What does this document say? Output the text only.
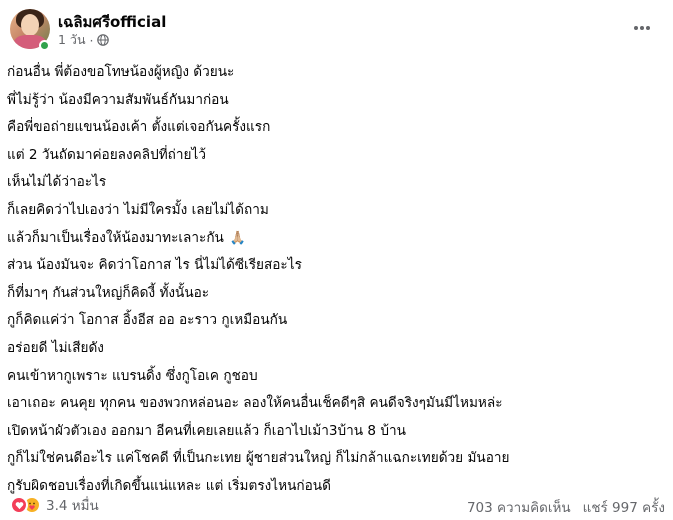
เฉลิมศรีofficial
1 วัน ·
ก่อนอื่น พี่ต้องขอโทษน้องผู้หญิง ด้วยนะ
พี่ไม่รู้ว่า น้องมีความสัมพันธ์กันมาก่อน
คือพี่ขอถ่ายแขนน้องเค้า ตั้งแต่เจอกันครั้งแรก
แต่ 2 วันถัดมาค่อยลงคลิปที่ถ่ายไว้
เห็นไม่ได้ว่าอะไร
ก็เลยคิดว่าไปเองว่า ไม่มีใครมั้ง เลยไม่ได้ถาม
แล้วก็มาเป็นเรื่องให้น้องมาทะเลาะกัน 🙏🏼
ส่วน น้องมันจะ คิดว่าโอกาส ไร นี่ไม่ได้ซีเรียสอะไร
ก็ที่มาๆ กันส่วนใหญ่ก็คิดงี้ ทั้งนั้นอะ
กูก็คิดแค่ว่า โอกาส อิ้งอีส ออ อะราว กูเหมือนกัน
อร่อยดี ไม่เสียดัง
คนเข้าหากูเพราะ แบรนดิ้ง ซึ่งกูโอเค กูชอบ
เอาเถอะ คนคุย ทุกคน ของพวกหล่อนอะ ลองให้คนอื่นเช็คดีๆสิ คนดีจริงๆมันมีไหมหล่ะ
เปิดหน้าผัวตัวเอง ออกมา อีคนที่เคยเลยแล้ว ก็เอาไปเม้า3บ้าน 8 บ้าน
กูก็ไม่ใช่คนดีอะไร แค่โชคดี ที่เป็นกะเทย ผู้ชายส่วนใหญ่ ก็ไม่กล้าแฉกะเทยด้วย มันอาย
กูรับผิดชอบเรื่องที่เกิดขึ้นแน่แหละ แต่ เริ่มตรงไหนก่อนดี
3.4 หมื่น	703 ความคิดเห็น แชร์ 997 ครั้ง
